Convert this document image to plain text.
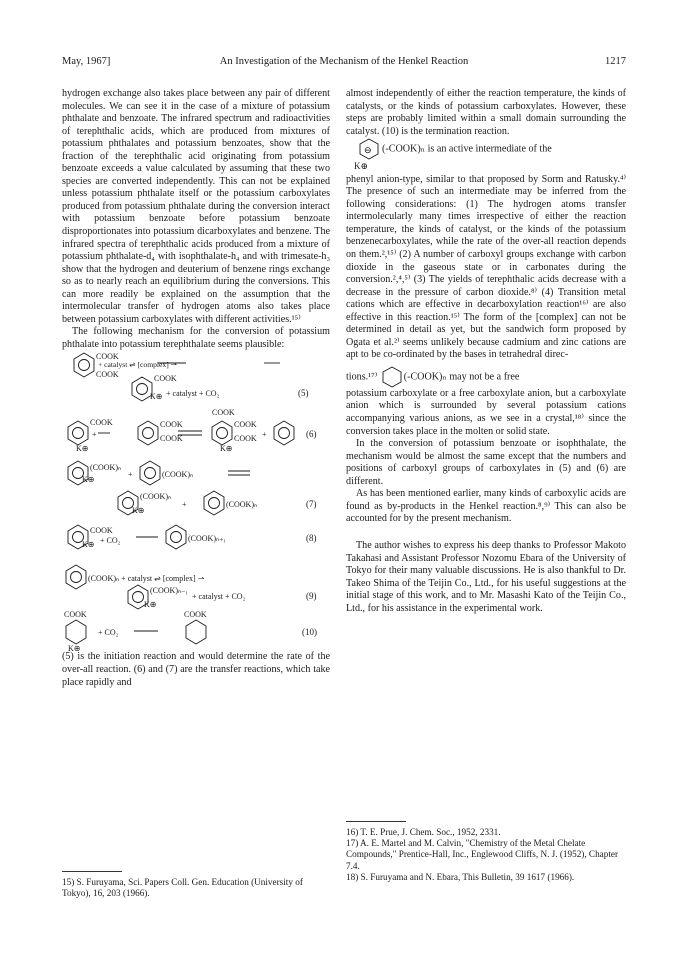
May, 1967]	An Investigation of the Mechanism of the Henkel Reaction	1217

hydrogen exchange also takes place between any pair of different molecules. We can see it in the case of a mixture of potassium phthalate and benzoate. The infrared spectrum and radioactivities of terephthalic acids, which are produced from mixtures of potassium phthalates and potassium benzoates, show that the fraction of the terephthalic acid originating from potassium benzoate exceeds a value calculated by assuming that these two species are converted independently. This can not be explained unless potassium phthalate itself or the potassium carboxylates produced from potassium phthalate during the conversion interact with potassium benzoate before potassium benzoate disproportionates into potassium dicarboxylates and benzene. The infrared spectra of terephthalic acids produced from a mixture of potassium phthalate-d₄ with isophthalate-h₄ and with trimesate-h₃ show that the hydrogen and deuterium of benzene rings exchange so as to nearly reach an equilibrium during the conversions. This can more readily be explained on the assumption that the intermolecular transfer of hydrogen atoms also takes place between potassium carboxylates with different activities.¹⁵⁾

The following mechanism for the conversion of potassium phthalate into potassium terephthalate seems plausible:

COOK
COOK
+ catalyst ⇌ [complex] ⇀
COOK
K⊕ + catalyst + CO₂	(5)
COOK
COOK
K⊕
+
COOK
COOK
COOK
COOK
K⊕
+	(6)
(COOK)ₙ
K⊕
+	(COOK)ₙ
(COOK)ₙ
K⊕
+	(COOK)ₙ	(7)
COOK
K⊕ + CO₂	(COOK)ₙ₊₁	(8)
(COOK)ₙ + catalyst ⇌ [complex] ⇀
(COOK)ₙ₋₁
K⊕
+ catalyst + CO₂	(9)
COOK	COOK
+ CO₂
K⊕
(10)

(5) is the initiation reaction and would determine the rate of the over-all reaction. (6) and (7) are the transfer reactions, which take place rapidly and

almost independently of either the reaction temperature, the kinds of catalysts, or the kinds of potassium carboxylates. However, these steps are probably limited within a small domain surrounding the catalyst. (10) is the termination reaction.

⊖ (-COOK)ₙ is an active intermediate of the
K⊕

phenyl anion-type, similar to that proposed by Sorm and Ratusky.⁴⁾ The presence of such an intermediate may be inferred from the following considerations: (1) The hydrogen atoms transfer intermolecularly many times irrespective of either the reaction temperature, the kinds of catalyst, or the kinds of the potassium benzenecarboxylates, while the rate of the over-all reaction depends on them.²,¹⁵⁾ (2) A number of carboxyl groups exchange with carbon dioxide in the gaseous state or in carbonates during the conversion.²,⁴,⁵⁾ (3) The yields of terephthalic acids decrease with a decrease in the pressure of carbon dioxide.⁸⁾ (4) Transition metal cations which are effective in decarboxylation reaction¹⁶⁾ are also effective in this reaction.¹⁵⁾ The form of the [complex] can not be determined in detail as yet, but the sandwich form proposed by Ogata et al.²⁾ seems unlikely because cadmium and zinc cations are apt to be co-ordinated by the bases in tetrahedral direc-

tions.¹⁷⁾	(-COOK)ₙ may not be a free

potassium carboxylate or a free carboxylate anion, but a carboxylate anion which is surrounded by several potassium cations accompanying various anions, as we see in a crystal,¹⁸⁾ since the conversion takes place in the molten or solid state.

In the conversion of potassium benzoate or isophthalate, the mechanism would be almost the same except that the numbers and positions of carboxyl groups of carboxylates in (5) and (6) are different.

As has been mentioned earlier, many kinds of carboxylic acids are found as by-products in the Henkel reaction.⁸,⁹⁾ This can also be accounted for by the present mechanism.

The author wishes to express his deep thanks to Professor Makoto Takahasi and Assistant Professor Nozomu Ebara of the University of Tokyo for their many valuable discussions. He is also thankful to Dr. Takeo Shima of the Teijin Co., Ltd., for his useful suggestions at the initial stage of this work, and to Mr. Masashi Kato of the Teijin Co., Ltd., for his assistance in the experimental work.

15) S. Furuyama, Sci. Papers Coll. Gen. Education (University of Tokyo), 16, 203 (1966).
16) T. E. Prue, J. Chem. Soc., 1952, 2331.
17) A. E. Martel and M. Calvin, "Chemistry of the Metal Chelate Compounds," Prentice-Hall, Inc., Englewood Cliffs, N. J. (1952), Chapter 7.4.
18) S. Furuyama and N. Ebara, This Bulletin, 39 1617 (1966).
